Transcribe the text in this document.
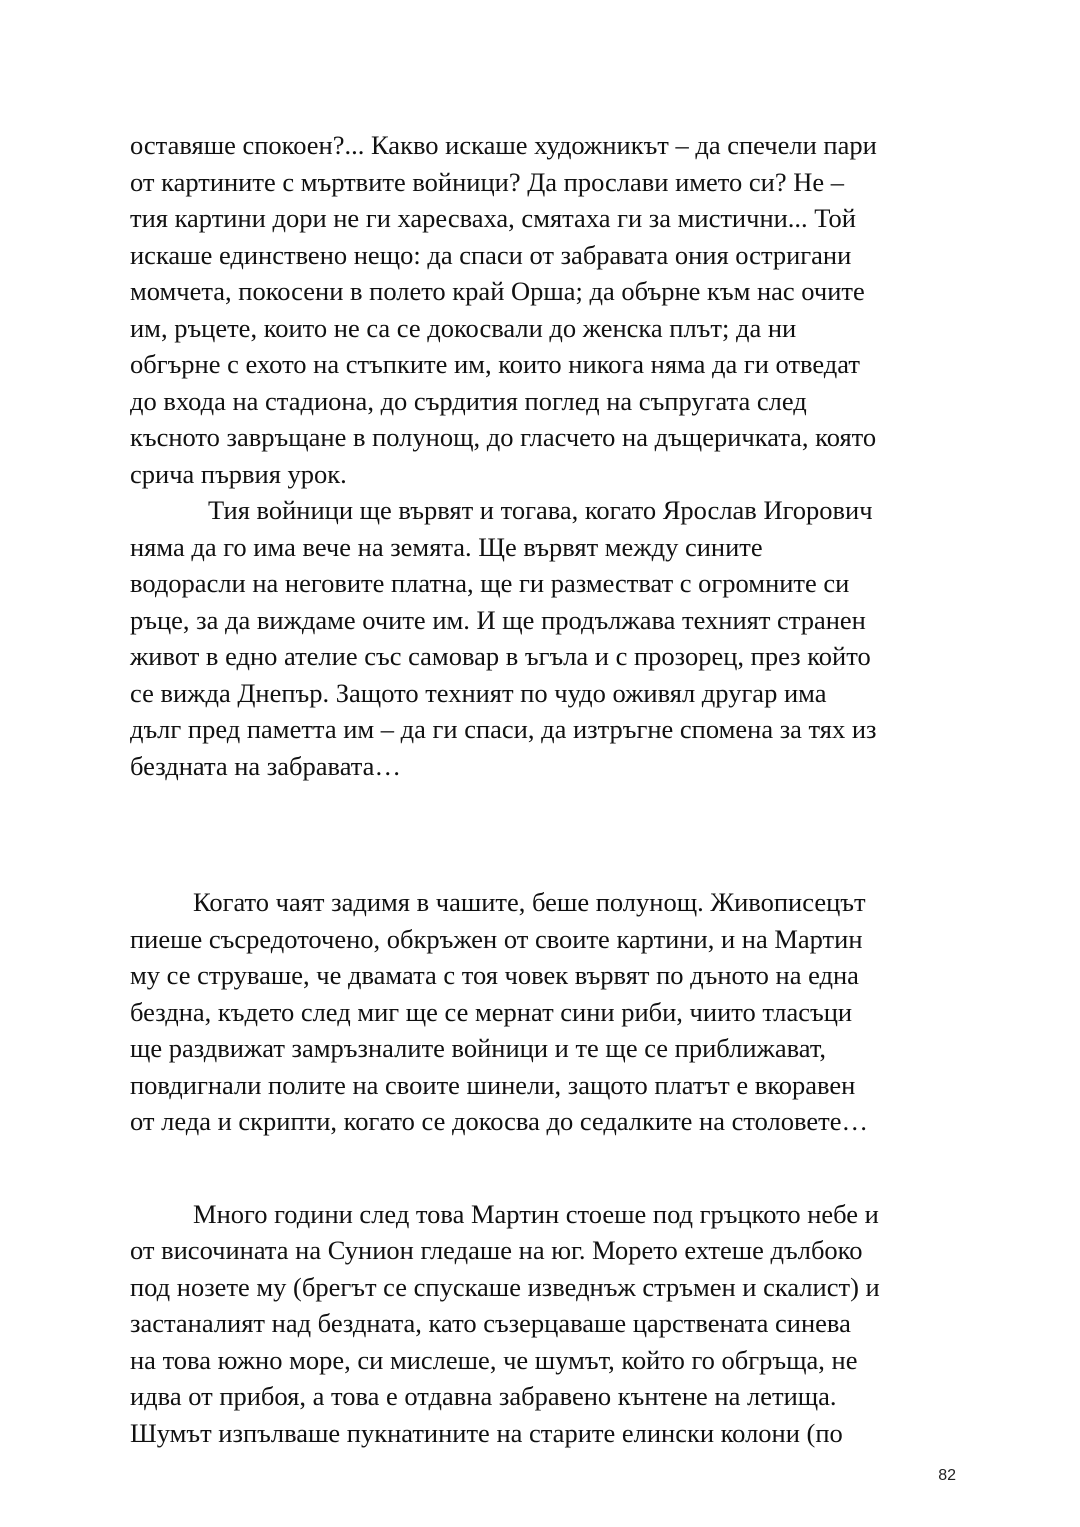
оставяше спокоен?... Какво искаше художникът – да спечели пари
от картините с мъртвите войници? Да прослави името си? Не –
тия картини дори не ги харесваха, смятаха ги за мистични... Той
искаше единствено нещо: да спаси от забравата ония остригани
момчета, покосени в полето край Орша; да обърне към нас очите
им, ръцете, които не са се докосвали до женска плът; да ни
обгърне с ехото на стъпките им, които никога няма да ги отведат
до входа на стадиона, до сърдития поглед на съпругата след
късното завръщане в полунощ, до гласчето на дъщеричката, която
срича първия урок.
Тия войници ще вървят и тогава, когато Ярослав Игорович
няма да го има вече на земята. Ще вървят между сините
водорасли на неговите платна, ще ги разместват с огромните си
ръце, за да виждаме очите им. И ще продължава техният странен
живот в едно ателие със самовар в ъгъла и с прозорец, през който
се вижда Днепър. Защото техният по чудо оживял другар има
дълг пред паметта им – да ги спаси, да изтръгне спомена за тях из
бездната на забравата…
Когато чаят задимя в чашите, беше полунощ. Живописецът
пиеше съсредоточено, обкръжен от своите картини, и на Мартин
му се струваше, че двамата с тоя човек вървят по дъното на една
бездна, където след миг ще се мернат сини риби, чиито тласъци
ще раздвижат замръзналите войници и те ще се приближават,
повдигнали полите на своите шинели, защото платът е вкоравен
от леда и скрипти, когато се докосва до седалките на столовете…
Много години след това Мартин стоеше под гръцкото небе и
от височината на Сунион гледаше на юг. Морето ехтеше дълбоко
под нозете му (брегът се спускаше изведнъж стръмен и скалист) и
застаналият над бездната, като съзерцаваше царствената синева
на това южно море, си мислеше, че шумът, който го обгръща, не
идва от прибоя, а това е отдавна забравено кънтене на летища.
Шумът изпълваше пукнатините на старите елински колони (по
82
